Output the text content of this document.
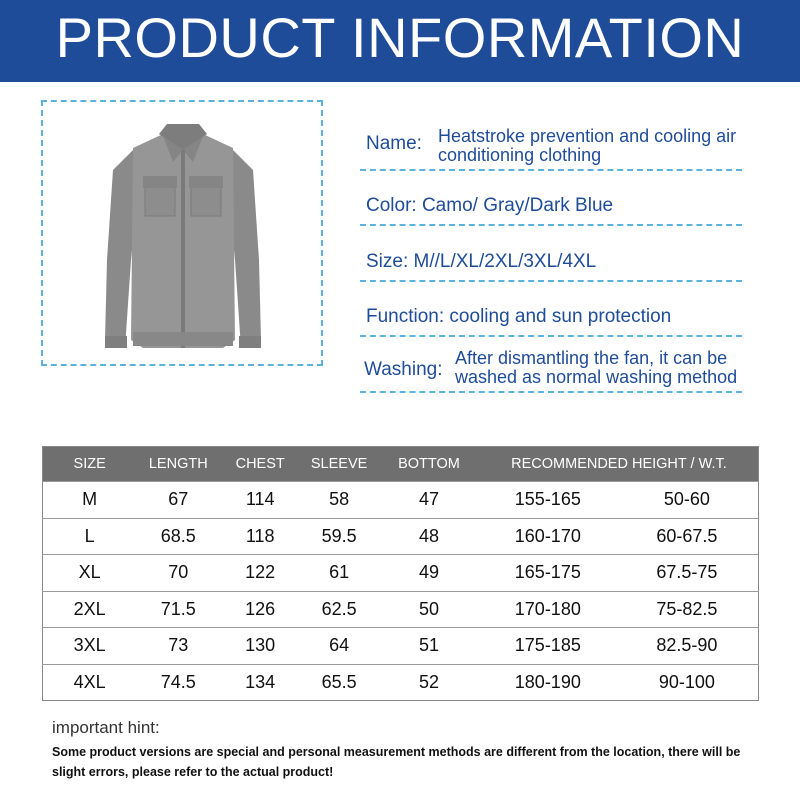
PRODUCT INFORMATION
Name: Heatstroke prevention and cooling air conditioning clothing
Color: Camo/ Gray/Dark Blue
Size: M//L/XL/2XL/3XL/4XL
Function: cooling and sun protection
Washing:
After dismantling the fan, it can be washed as normal washing method
SIZE	LENGTH	CHEST	SLEEVE	BOTTOM	RECOMMENDED HEIGHT / W.T.	
M	67	114	58	47	155-165	50-60
L	68.5	118	59.5	48	160-170	60-67.5
XL	70	122	61	49	165-175	67.5-75
2XL	71.5	126	62.5	50	170-180	75-82.5
3XL	73	130	64	51	175-185	82.5-90
4XL	74.5	134	65.5	52	180-190	90-100
important hint:
Some product versions are special and personal measurement methods are different from the location, there will be slight errors, please refer to the actual product!
